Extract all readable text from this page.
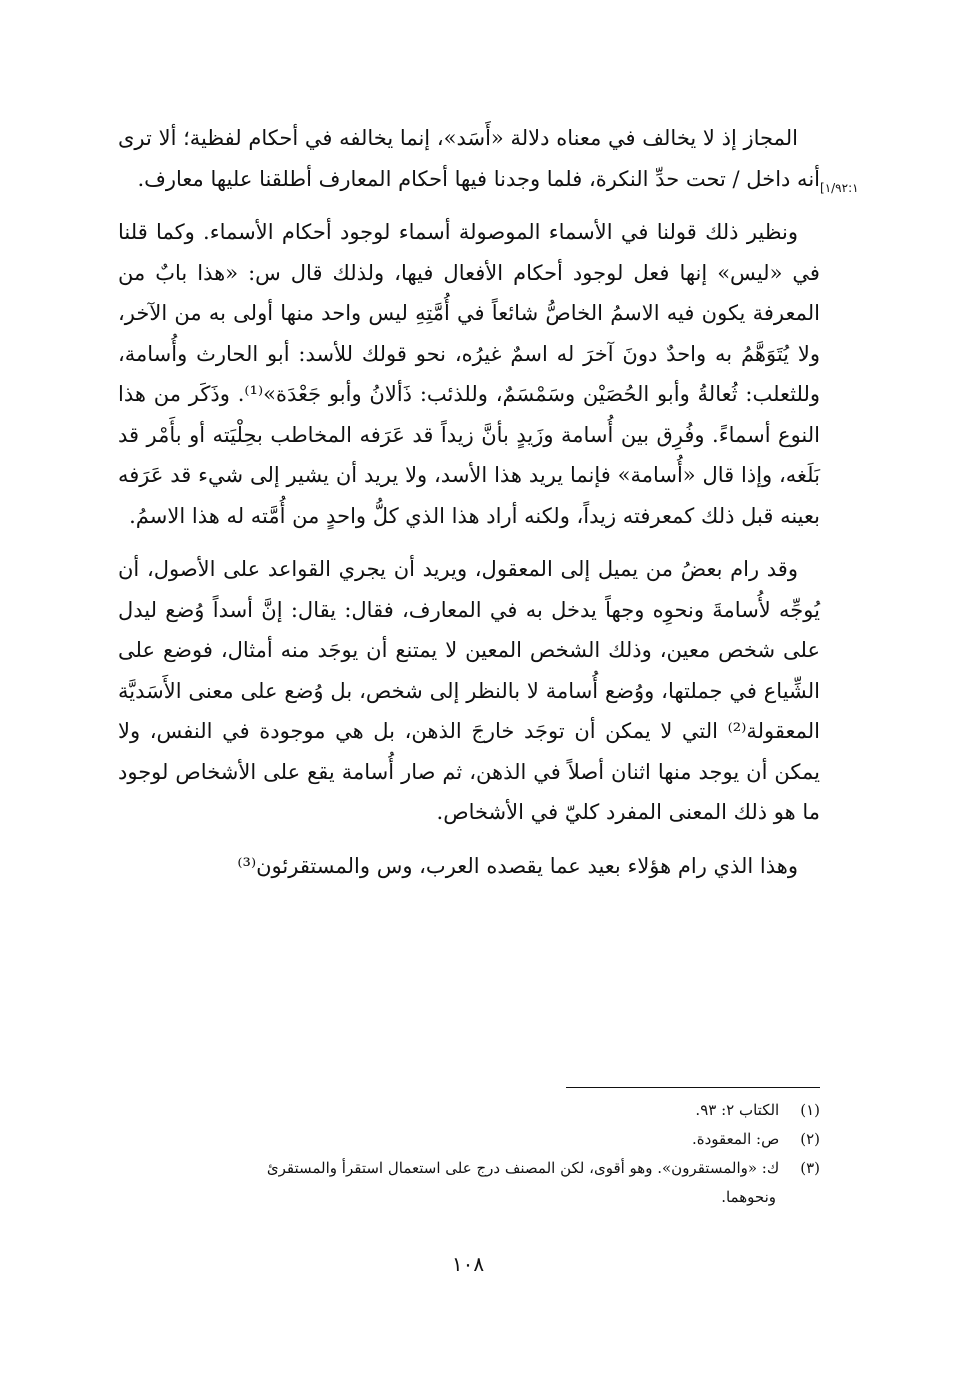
المجاز إذ لا يخالف في معناه دلالة «أَسَد»، إنما يخالفه في أحكام لفظية؛ ألا ترى أنه داخل / تحت حدِّ النكرة، فلما وجدنا فيها أحكام المعارف أطلقنا عليها معارف.

ونظير ذلك قولنا في الأسماء الموصولة أسماء لوجود أحكام الأسماء. وكما قلنا في «ليس» إنها فعل لوجود أحكام الأفعال فيها، ولذلك قال س: «هذا بابٌ من المعرفة يكون فيه الاسمُ الخاصُّ شائعاً في أُمَّتِهِ ليس واحد منها أولى به من الآخر، ولا يُتَوَهَّمُ به واحدٌ دونَ آخرَ له اسمٌ غيرُه، نحو قولك للأسد: أبو الحارث وأُسامة، وللثعلب: ثُعالةُ وأبو الحُصَيْن وسَمْسَمٌ، وللذئب: ذَألانُ وأبو جَعْدَة»⁽¹⁾. وذَكَر من هذا النوع أسماءً. وفُرِق بين أُسامة وزَيدٍ بأنَّ زيداً قد عَرَفه المخاطب بحِلْيَته أو بأَمْر قد بَلَغه، وإذا قال «أُسامة» فإنما يريد هذا الأسد، ولا يريد أن يشير إلى شيء قد عَرَفه بعينه قبل ذلك كمعرفته زيداً، ولكنه أراد هذا الذي كلُّ واحدٍ من أُمَّته له هذا الاسمُ.

وقد رام بعضُ من يميل إلى المعقول، ويريد أن يجري القواعد على الأصول، أن يُوجِّه لأُسامةَ ونحوِه وجهاً يدخل به في المعارف، فقال: يقال: إنَّ أسداً وُضع ليدل على شخص معين، وذلك الشخص المعين لا يمتنع أن يوجَد منه أمثال، فوضع على الشِّياع في جملتها، ووُضع أُسامة لا بالنظر إلى شخص، بل وُضع على معنى الأَسَديَّة المعقولة⁽²⁾ التي لا يمكن أن توجَد خارجَ الذهن، بل هي موجودة في النفس، ولا يمكن أن يوجد منها اثنان أصلاً في الذهن، ثم صار أُسامة يقع على الأشخاص لوجود ما هو ذلك المعنى المفرد كليّ في الأشخاص.

وهذا الذي رام هؤلاء بعيد عما يقصده العرب، وس والمستقرئون⁽³⁾

[١/٩٢:١

(١) الكتاب ٢: ٩٣.

(٢) ص: المعقودة.

(٣) ك: «والمستقرون». وهو أقوى، لكن المصنف درج على استعمال استقرأ والمستقرئ

ونحوهما.

١٠٨
